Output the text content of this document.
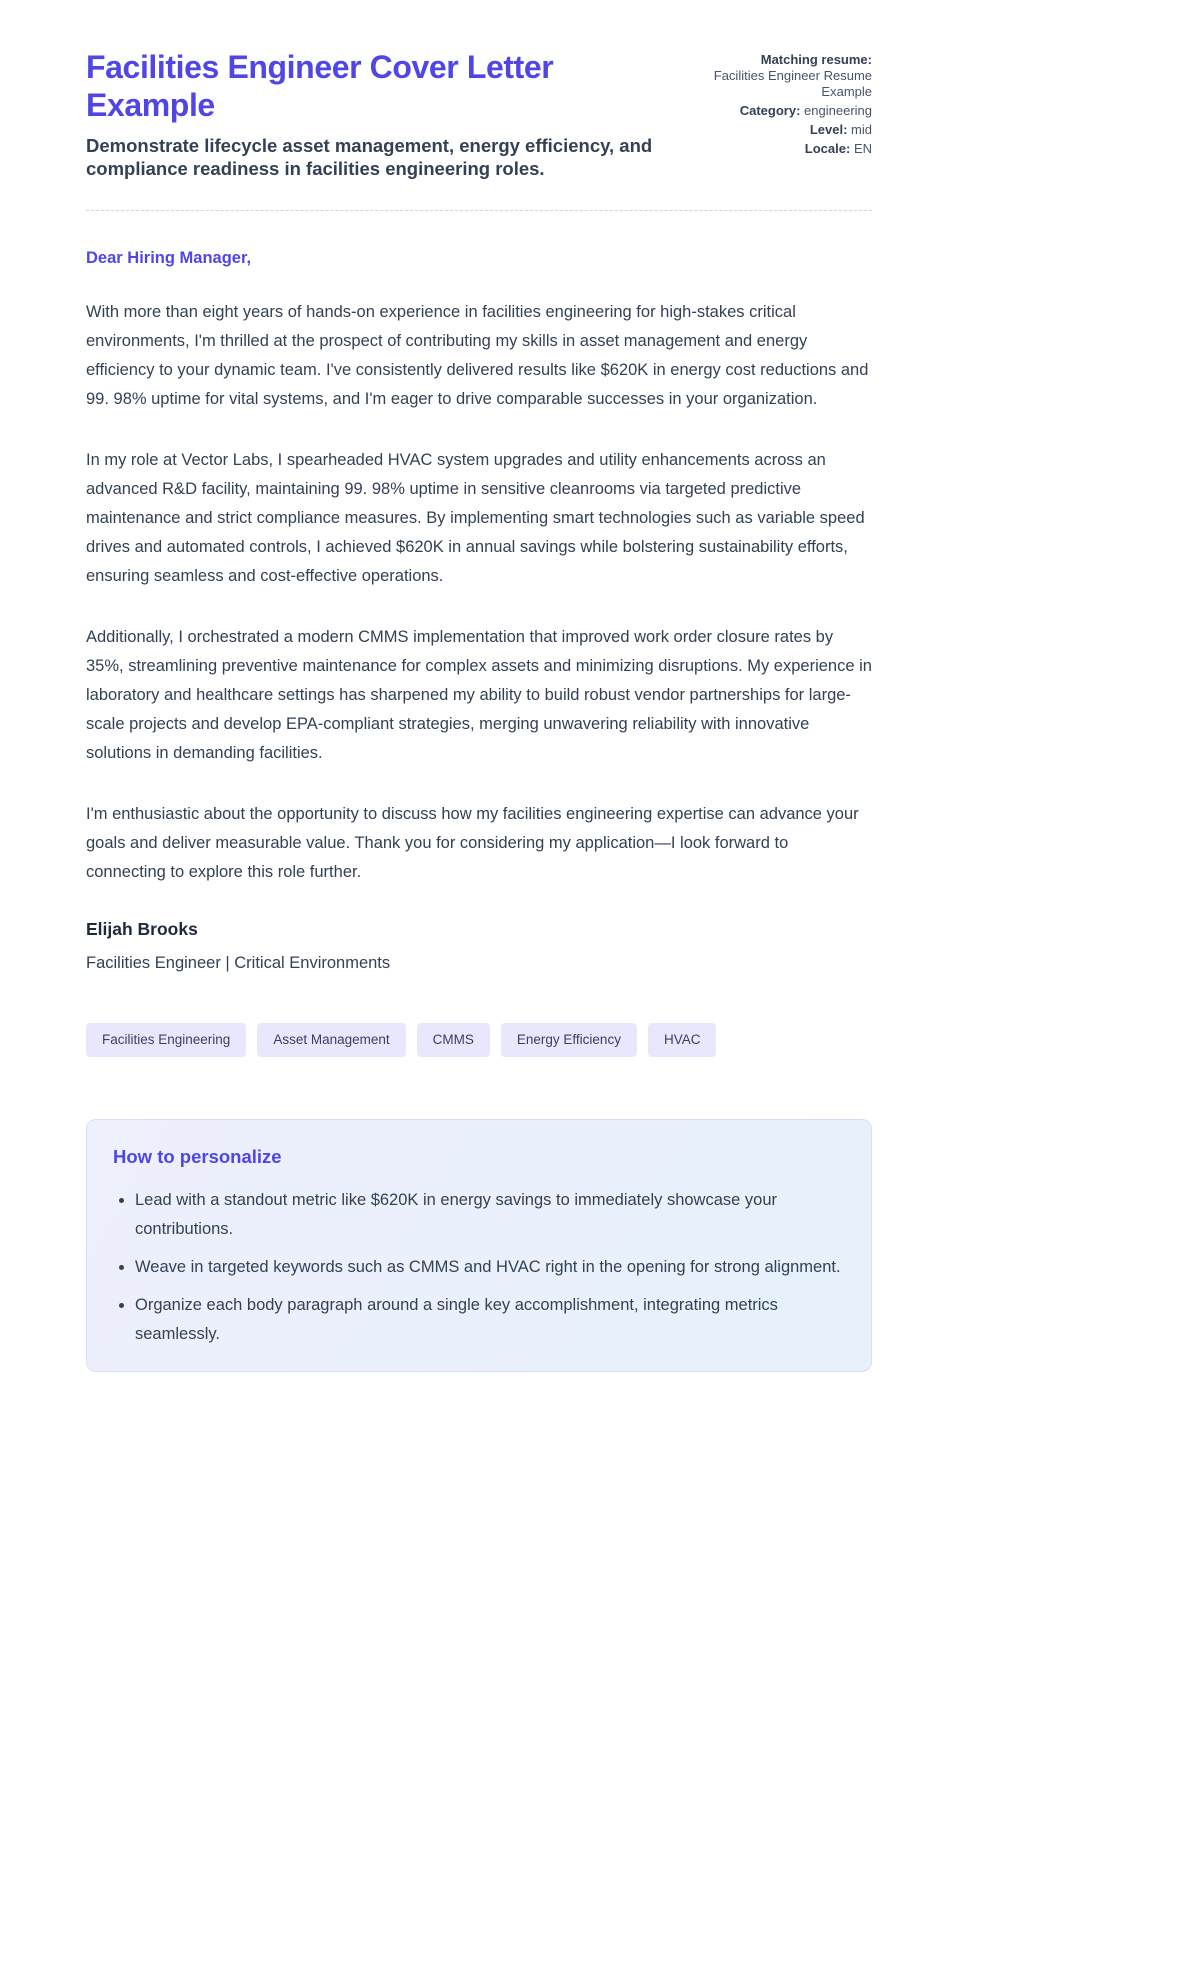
Facilities Engineer Cover Letter Example
Demonstrate lifecycle asset management, energy efficiency, and compliance readiness in facilities engineering roles.
Matching resume:
Facilities Engineer Resume Example
Category: engineering
Level: mid
Locale: EN

Dear Hiring Manager,

With more than eight years of hands-on experience in facilities engineering for high-stakes critical environments, I'm thrilled at the prospect of contributing my skills in asset management and energy efficiency to your dynamic team. I've consistently delivered results like $620K in energy cost reductions and 99. 98% uptime for vital systems, and I'm eager to drive comparable successes in your organization.

In my role at Vector Labs, I spearheaded HVAC system upgrades and utility enhancements across an advanced R&D facility, maintaining 99. 98% uptime in sensitive cleanrooms via targeted predictive maintenance and strict compliance measures. By implementing smart technologies such as variable speed drives and automated controls, I achieved $620K in annual savings while bolstering sustainability efforts, ensuring seamless and cost-effective operations.

Additionally, I orchestrated a modern CMMS implementation that improved work order closure rates by 35%, streamlining preventive maintenance for complex assets and minimizing disruptions. My experience in laboratory and healthcare settings has sharpened my ability to build robust vendor partnerships for large-scale projects and develop EPA-compliant strategies, merging unwavering reliability with innovative solutions in demanding facilities.

I'm enthusiastic about the opportunity to discuss how my facilities engineering expertise can advance your goals and deliver measurable value. Thank you for considering my application—I look forward to connecting to explore this role further.

Elijah Brooks

Facilities Engineer | Critical Environments

Facilities Engineering	Asset Management	CMMS	Energy Efficiency	HVAC
How to personalize
• Lead with a standout metric like $620K in energy savings to immediately showcase your contributions.
• Weave in targeted keywords such as CMMS and HVAC right in the opening for strong alignment.
• Organize each body paragraph around a single key accomplishment, integrating metrics seamlessly.
